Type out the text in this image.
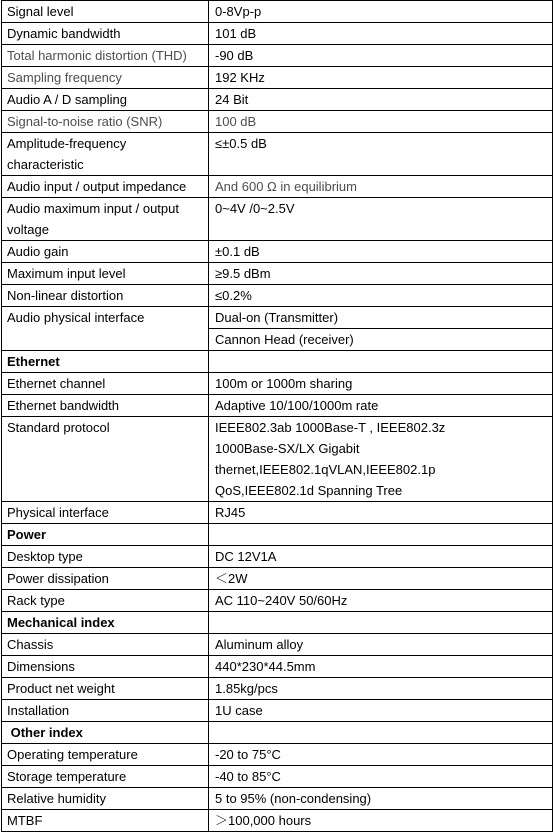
Signal level	0-8Vp-p
Dynamic bandwidth	101 dB
Total harmonic distortion (THD)	-90 dB
Sampling frequency	192 KHz
Audio A / D sampling	24 Bit
Signal-to-noise ratio (SNR)	100 dB
Amplitude-frequency characteristic	≤±0.5 dB
Audio input / output impedance	And 600 Ω in equilibrium
Audio maximum input / output voltage	0~4V /0~2.5V
Audio gain	±0.1 dB
Maximum input level	≥9.5 dBm
Non-linear distortion	≤0.2%
Audio physical interface	Dual-on (Transmitter)
	Cannon Head (receiver)
Ethernet	
Ethernet channel	100m or 1000m sharing
Ethernet bandwidth	Adaptive 10/100/1000m rate
Standard protocol	IEEE802.3ab 1000Base-T , IEEE802.3z
1000Base-SX/LX Gigabit
thernet,IEEE802.1qVLAN,IEEE802.1p
QoS,IEEE802.1d Spanning Tree

Physical interface	RJ45
Power	
Desktop type	DC 12V1A
Power dissipation	＜2W
Rack type	AC 110~240V 50/60Hz
Mechanical index	
Chassis	Aluminum alloy
Dimensions	440*230*44.5mm
Product net weight	1.85kg/pcs
Installation	1U case
Other index	
Operating temperature	-20 to 75°C
Storage temperature	-40 to 85°C
Relative humidity	5 to 95% (non-condensing)
MTBF	＞100,000 hours
